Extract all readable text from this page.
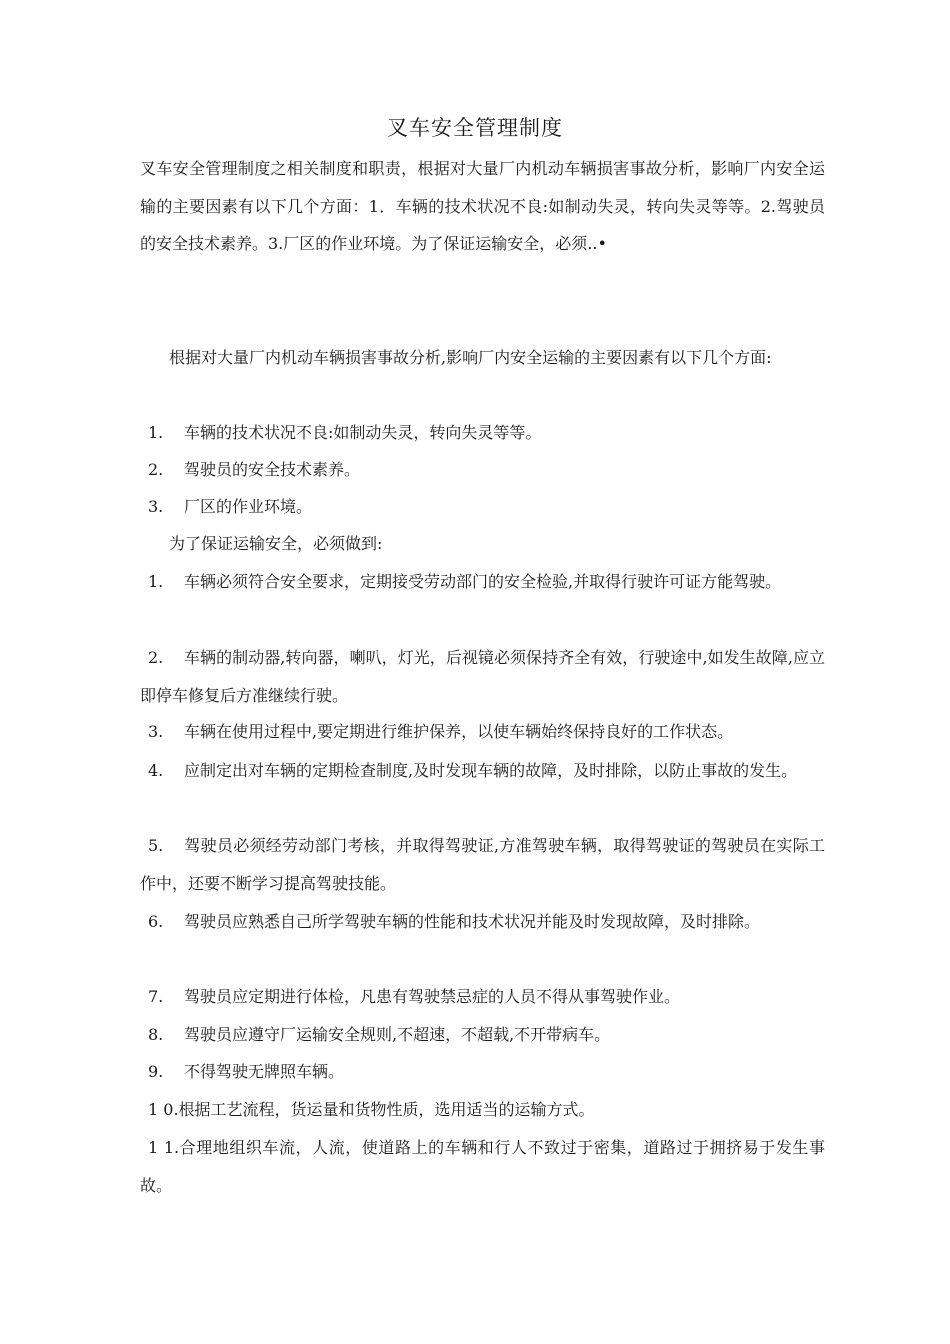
叉车安全管理制度
叉车安全管理制度之相关制度和职责，根据对大量厂内机动车辆损害事故分析，影响厂内安全运输的主要因素有以下几个方面：1．车辆的技术状况不良:如制动失灵，转向失灵等等。2.驾驶员的安全技术素养。3.厂区的作业环境。为了保证运输安全，必须..•
根据对大量厂内机动车辆损害事故分析,影响厂内安全运输的主要因素有以下几个方面:
1. 车辆的技术状况不良:如制动失灵，转向失灵等等。
2. 驾驶员的安全技术素养。
3. 厂区的作业环境。
为了保证运输安全，必须做到:
1. 车辆必须符合安全要求，定期接受劳动部门的安全检验,并取得行驶许可证方能驾驶。
2. 车辆的制动器,转向器，喇叭，灯光，后视镜必须保持齐全有效，行驶途中,如发生故障,应立即停车修复后方准继续行驶。
3. 车辆在使用过程中,要定期进行维护保养，以使车辆始终保持良好的工作状态。
4. 应制定出对车辆的定期检查制度,及时发现车辆的故障，及时排除，以防止事故的发生。
5. 驾驶员必须经劳动部门考核，并取得驾驶证,方准驾驶车辆，取得驾驶证的驾驶员在实际工作中，还要不断学习提高驾驶技能。
6. 驾驶员应熟悉自己所学驾驶车辆的性能和技术状况并能及时发现故障，及时排除。
7. 驾驶员应定期进行体检，凡患有驾驶禁忌症的人员不得从事驾驶作业。
8. 驾驶员应遵守厂运输安全规则,不超速，不超载,不开带病车。
9. 不得驾驶无牌照车辆。
1 0.根据工艺流程，货运量和货物性质，选用适当的运输方式。
1 1.合理地组织车流，人流，使道路上的车辆和行人不致过于密集，道路过于拥挤易于发生事故。
